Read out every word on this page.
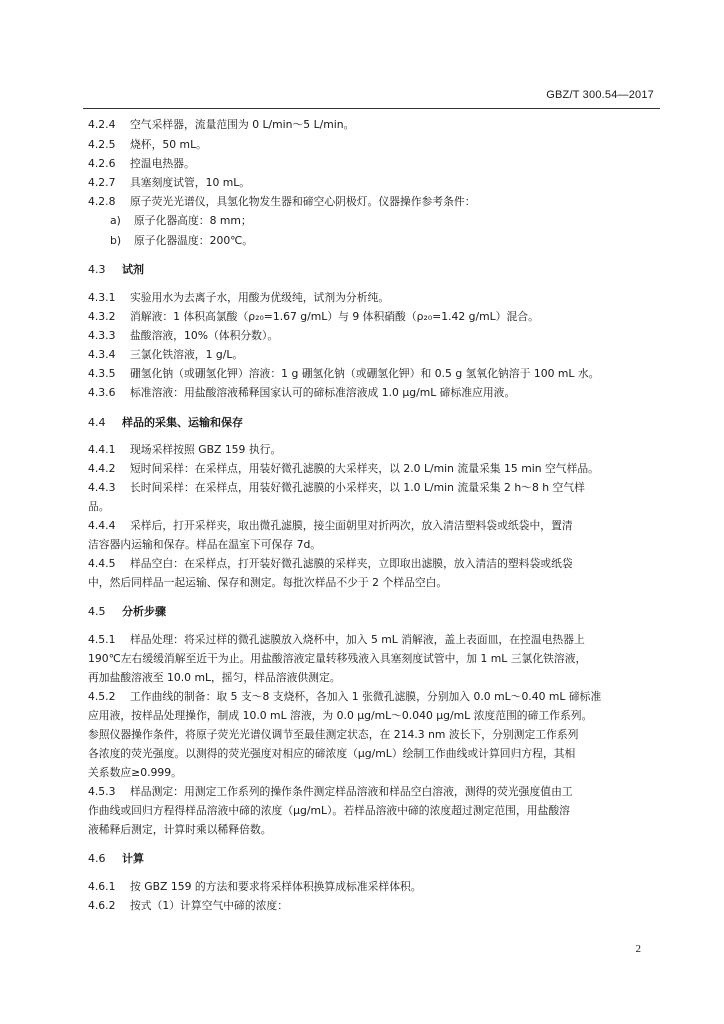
GBZ/T 300.54—2017
4.2.4 空气采样器，流量范围为 0 L/min～5 L/min。
4.2.5 烧杯，50 mL。
4.2.6 控温电热器。
4.2.7 具塞刻度试管，10 mL。
4.2.8 原子荧光光谱仪，具氢化物发生器和碲空心阴极灯。仪器操作参考条件：
a) 原子化器高度：8 mm；
b) 原子化器温度：200℃。
4.3 试剂
4.3.1 实验用水为去离子水，用酸为优级纯，试剂为分析纯。
4.3.2 消解液：1 体积高氯酸（ρ₂₀=1.67 g/mL）与 9 体积硝酸（ρ₂₀=1.42 g/mL）混合。
4.3.3 盐酸溶液，10%（体积分数）。
4.3.4 三氯化铁溶液，1 g/L。
4.3.5 硼氢化钠（或硼氢化钾）溶液：1 g 硼氢化钠（或硼氢化钾）和 0.5 g 氢氧化钠溶于 100 mL 水。
4.3.6 标准溶液：用盐酸溶液稀释国家认可的碲标准溶液成 1.0 μg/mL 碲标准应用液。
4.4 样品的采集、运输和保存
4.4.1 现场采样按照 GBZ 159 执行。
4.4.2 短时间采样：在采样点，用装好微孔滤膜的大采样夹，以 2.0 L/min 流量采集 15 min 空气样品。
4.4.3 长时间采样：在采样点，用装好微孔滤膜的小采样夹，以 1.0 L/min 流量采集 2 h～8 h 空气样
品。
4.4.4 采样后，打开采样夹，取出微孔滤膜，接尘面朝里对折两次，放入清洁塑料袋或纸袋中，置清
洁容器内运输和保存。样品在温室下可保存 7d。
4.4.5 样品空白：在采样点，打开装好微孔滤膜的采样夹，立即取出滤膜，放入清洁的塑料袋或纸袋
中，然后同样品一起运输、保存和测定。每批次样品不少于 2 个样品空白。
4.5 分析步骤
4.5.1 样品处理：将采过样的微孔滤膜放入烧杯中，加入 5 mL 消解液，盖上表面皿，在控温电热器上
190℃左右缓缓消解至近干为止。用盐酸溶液定量转移残液入具塞刻度试管中，加 1 mL 三氯化铁溶液，
再加盐酸溶液至 10.0 mL，摇匀，样品溶液供测定。
4.5.2 工作曲线的制备：取 5 支～8 支烧杯，各加入 1 张微孔滤膜，分别加入 0.0 mL～0.40 mL 碲标准
应用液，按样品处理操作，制成 10.0 mL 溶液，为 0.0 μg/mL～0.040 μg/mL 浓度范围的碲工作系列。
参照仪器操作条件，将原子荧光光谱仪调节至最佳测定状态，在 214.3 nm 波长下，分别测定工作系列
各浓度的荧光强度。以测得的荧光强度对相应的碲浓度（μg/mL）绘制工作曲线或计算回归方程，其相
关系数应≥0.999。
4.5.3 样品测定：用测定工作系列的操作条件测定样品溶液和样品空白溶液，测得的荧光强度值由工
作曲线或回归方程得样品溶液中碲的浓度（μg/mL）。若样品溶液中碲的浓度超过测定范围，用盐酸溶
液稀释后测定，计算时乘以稀释倍数。
4.6 计算
4.6.1 按 GBZ 159 的方法和要求将采样体积换算成标准采样体积。
4.6.2 按式（1）计算空气中碲的浓度：
2
